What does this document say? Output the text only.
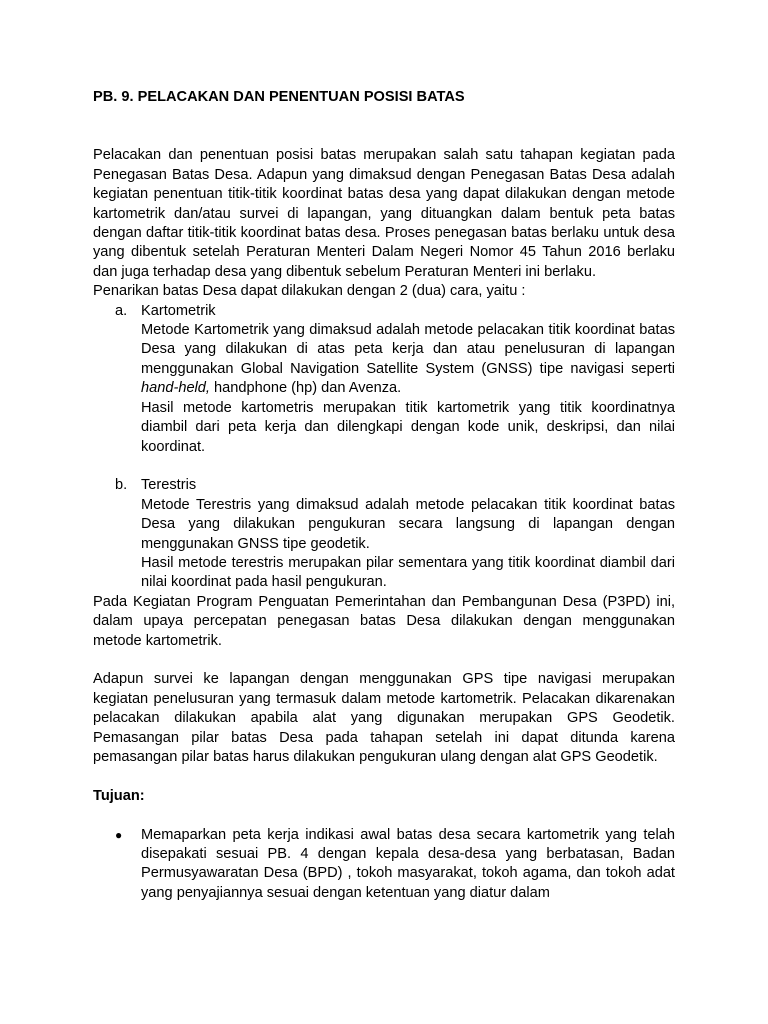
PB. 9. PELACAKAN DAN PENENTUAN POSISI BATAS

Pelacakan dan penentuan posisi batas merupakan salah satu tahapan kegiatan pada Penegasan Batas Desa. Adapun yang dimaksud dengan Penegasan Batas Desa adalah kegiatan penentuan titik-titik koordinat batas desa yang dapat dilakukan dengan metode kartometrik dan/atau survei di lapangan, yang dituangkan dalam bentuk peta batas dengan daftar titik-titik koordinat batas desa. Proses penegasan batas berlaku untuk desa yang dibentuk setelah Peraturan Menteri Dalam Negeri Nomor 45 Tahun 2016 berlaku dan juga terhadap desa yang dibentuk sebelum Peraturan Menteri ini berlaku.

Penarikan batas Desa dapat dilakukan dengan 2 (dua) cara, yaitu :

a. Kartometrik

Metode Kartometrik yang dimaksud adalah metode pelacakan titik koordinat batas Desa yang dilakukan di atas peta kerja dan atau penelusuran di lapangan menggunakan Global Navigation Satellite System (GNSS) tipe navigasi seperti hand-held, handphone (hp) dan Avenza.

Hasil metode kartometris merupakan titik kartometrik yang titik koordinatnya diambil dari peta kerja dan dilengkapi dengan kode unik, deskripsi, dan nilai koordinat.

b. Terestris

Metode Terestris yang dimaksud adalah metode pelacakan titik koordinat batas Desa yang dilakukan pengukuran secara langsung di lapangan dengan menggunakan GNSS tipe geodetik.

Hasil metode terestris merupakan pilar sementara yang titik koordinat diambil dari nilai koordinat pada hasil pengukuran.

Pada Kegiatan Program Penguatan Pemerintahan dan Pembangunan Desa (P3PD) ini, dalam upaya percepatan penegasan batas Desa dilakukan dengan menggunakan metode kartometrik.

Adapun survei ke lapangan dengan menggunakan GPS tipe navigasi merupakan kegiatan penelusuran yang termasuk dalam metode kartometrik. Pelacakan dikarenakan pelacakan dilakukan apabila alat yang digunakan merupakan GPS Geodetik. Pemasangan pilar batas Desa pada tahapan setelah ini dapat ditunda karena pemasangan pilar batas harus dilakukan pengukuran ulang dengan alat GPS Geodetik.

Tujuan:

● Memaparkan peta kerja indikasi awal batas desa secara kartometrik yang telah disepakati sesuai PB. 4 dengan kepala desa-desa yang berbatasan, Badan Permusyawaratan Desa (BPD) , tokoh masyarakat, tokoh agama, dan tokoh adat yang penyajiannya sesuai dengan ketentuan yang diatur dalam
